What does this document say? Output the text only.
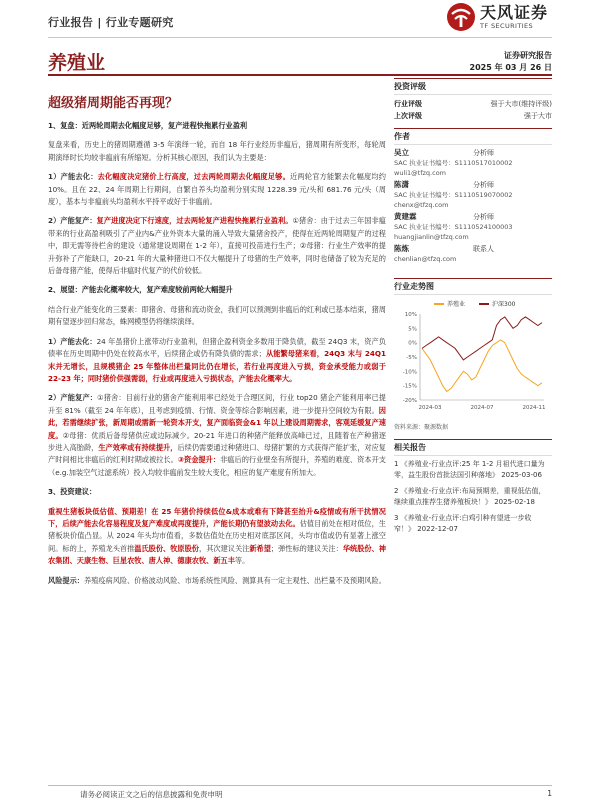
行业报告 | 行业专题研究
天风证券
TF SECURITIES
养殖业	证券研究报告
2025 年 03 月 26 日
超级猪周期能否再现？

1、复盘：近两轮周期去化幅度足够，复产进程快拖累行业盈利

复盘来看，历史上的猪周期遵循 3-5 年演绎一轮，而自 18 年行业经历非瘟后，猪周期有所变形，每轮周期演绎时长均较非瘟前有所缩短。分析其核心原因，我们认为主要是：

1）产能去化：去化幅度决定猪价上行高度，过去两轮周期去化幅度足够。近两轮官方能繁去化幅度均约 10%。且在 22、24 年周期上行期间，自繁自养头均盈利分别实现 1228.39 元/头和 681.76 元/头（周度），基本与非瘟前头均盈利水平持平或好于非瘟前。

2）产能复产：复产进度决定下行速度，过去两轮复产进程快拖累行业盈利。①猪舍：由于过去三年国非瘟带来的行业高盈利吸引了产业内&产业外资本大量的涌入导致大量猪舍投产，使得在近两轮周期复产的过程中，即无需等待栏舍的建设（通常建设周期在 1-2 年），直接可投苗进行生产；②母猪：行业生产效率的提升弥补了产能缺口，20-21 年的大量种猪进口不仅大幅提升了母猪的生产效率，同时也储备了较为充足的后备母猪产能，使得后非瘟时代复产的代价较低。

2、展望：产能去化概率较大，复产难度较前两轮大幅提升

结合行业产能变化的三要素：即猪舍、母猪和流动资金，我们可以预测到非瘟后的红利或已基本结束，猪周期有望逐步回归常态，蛛网模型仍将继续演绎。

1）产能去化：24 年虽猪价上涨带动行业盈利，但猪企盈利资金多数用于降负债，截至 24Q3 末，资产负债率在历史周期中仍处在较高水平，后续猪企或仍有降负债的需求；从能繁母猪来看，24Q3 末与 24Q1 末并无增长，且规模猪企 25 年整体出栏量同比仍在增长，若行业再度进入亏损，资金承受能力或弱于 22-23 年；同时猪价供强需弱，行业或再度进入亏损状态，产能去化概率大。

2）产能复产：①猪舍：目前行业的猪舍产能利用率已经处于合理区间，行业 top20 猪企产能利用率已提升至 81%（截至 24 年年底），且考虑到疫情、行情、资金等综合影响因素，进一步提升空间较为有限。因此，若需继续扩张，新周期或需新一轮资本开支，复产面临资金&1 年以上建设周期需求，客观延缓复产速度。②母猪：优质后备母猪供应或边际减少。20-21 年进口的种猪产能释放高峰已过，且随着在产种猪逐步进入高胎龄，生产效率或有持续提升，后续仍需要通过种猪进口、母猪扩繁的方式获得产能扩张，对应复产时间相比非瘟后的红利时期或被拉长。③资金提升：非瘟后的行业壁垒有所提升，养殖的难度、资本开支（e.g.加装空气过滤系统）投入均较非瘟前发生较大变化，相应的复产难度有所加大。

3、投资建议：

重视生猪板块低估值、预期差！在 25 年猪价持续低位&成本或难有下降甚至抬升&疫情或有所干扰情况下，后续产能去化容易程度及复产难度或再度提升，产能长期仍有望波动去化。估值目前处在相对低位，生猪板块价值凸显。从 2024 年头均市值看，多数估值处在历史相对底部区间，头均市值或仍有显著上涨空间。标的上，养殖龙头首推温氏股份、牧原股份，其次建议关注新希望；弹性标的建议关注：华统股份、神农集团、天康生物、巨星农牧、唐人神、德康农牧、新五丰等。

风险提示：养殖疫病风险、价格波动风险、市场系统性风险、测算具有一定主观性、出栏量不及预期风险。

投资评级
行业评级	强于大市(维持评级)
上次评级	强于大市
作者
吴立	分析师
SAC 执业证书编号：S1110517010002
wuli1@tfzq.com
陈潇	分析师
SAC 执业证书编号：S1110519070002
chenx@tfzq.com
黄建霖	分析师
SAC 执业证书编号：S1110524100003
huangjianlin@tfzq.com
陈炼	联系人
chenlian@tfzq.com
行业走势图
养殖业	沪深300
10%
5%
0%
-5%
-10%
-15%
-20%
2024-03	2024-07	2024-11
资料来源：聚源数据
相关报告

1 《养殖业-行业点评:25 年 1-2 月祖代进口量为零，益生股份首批法国引种落地》 2025-03-06

2 《养殖业-行业点评:布局预期差，重视低估值，继续重点推荐生猪养殖板块！》 2025-02-18

3 《养殖业-行业点评:白鸡引种有望进一步收窄！》 2022-12-07

请务必阅读正文之后的信息披露和免责申明	1
